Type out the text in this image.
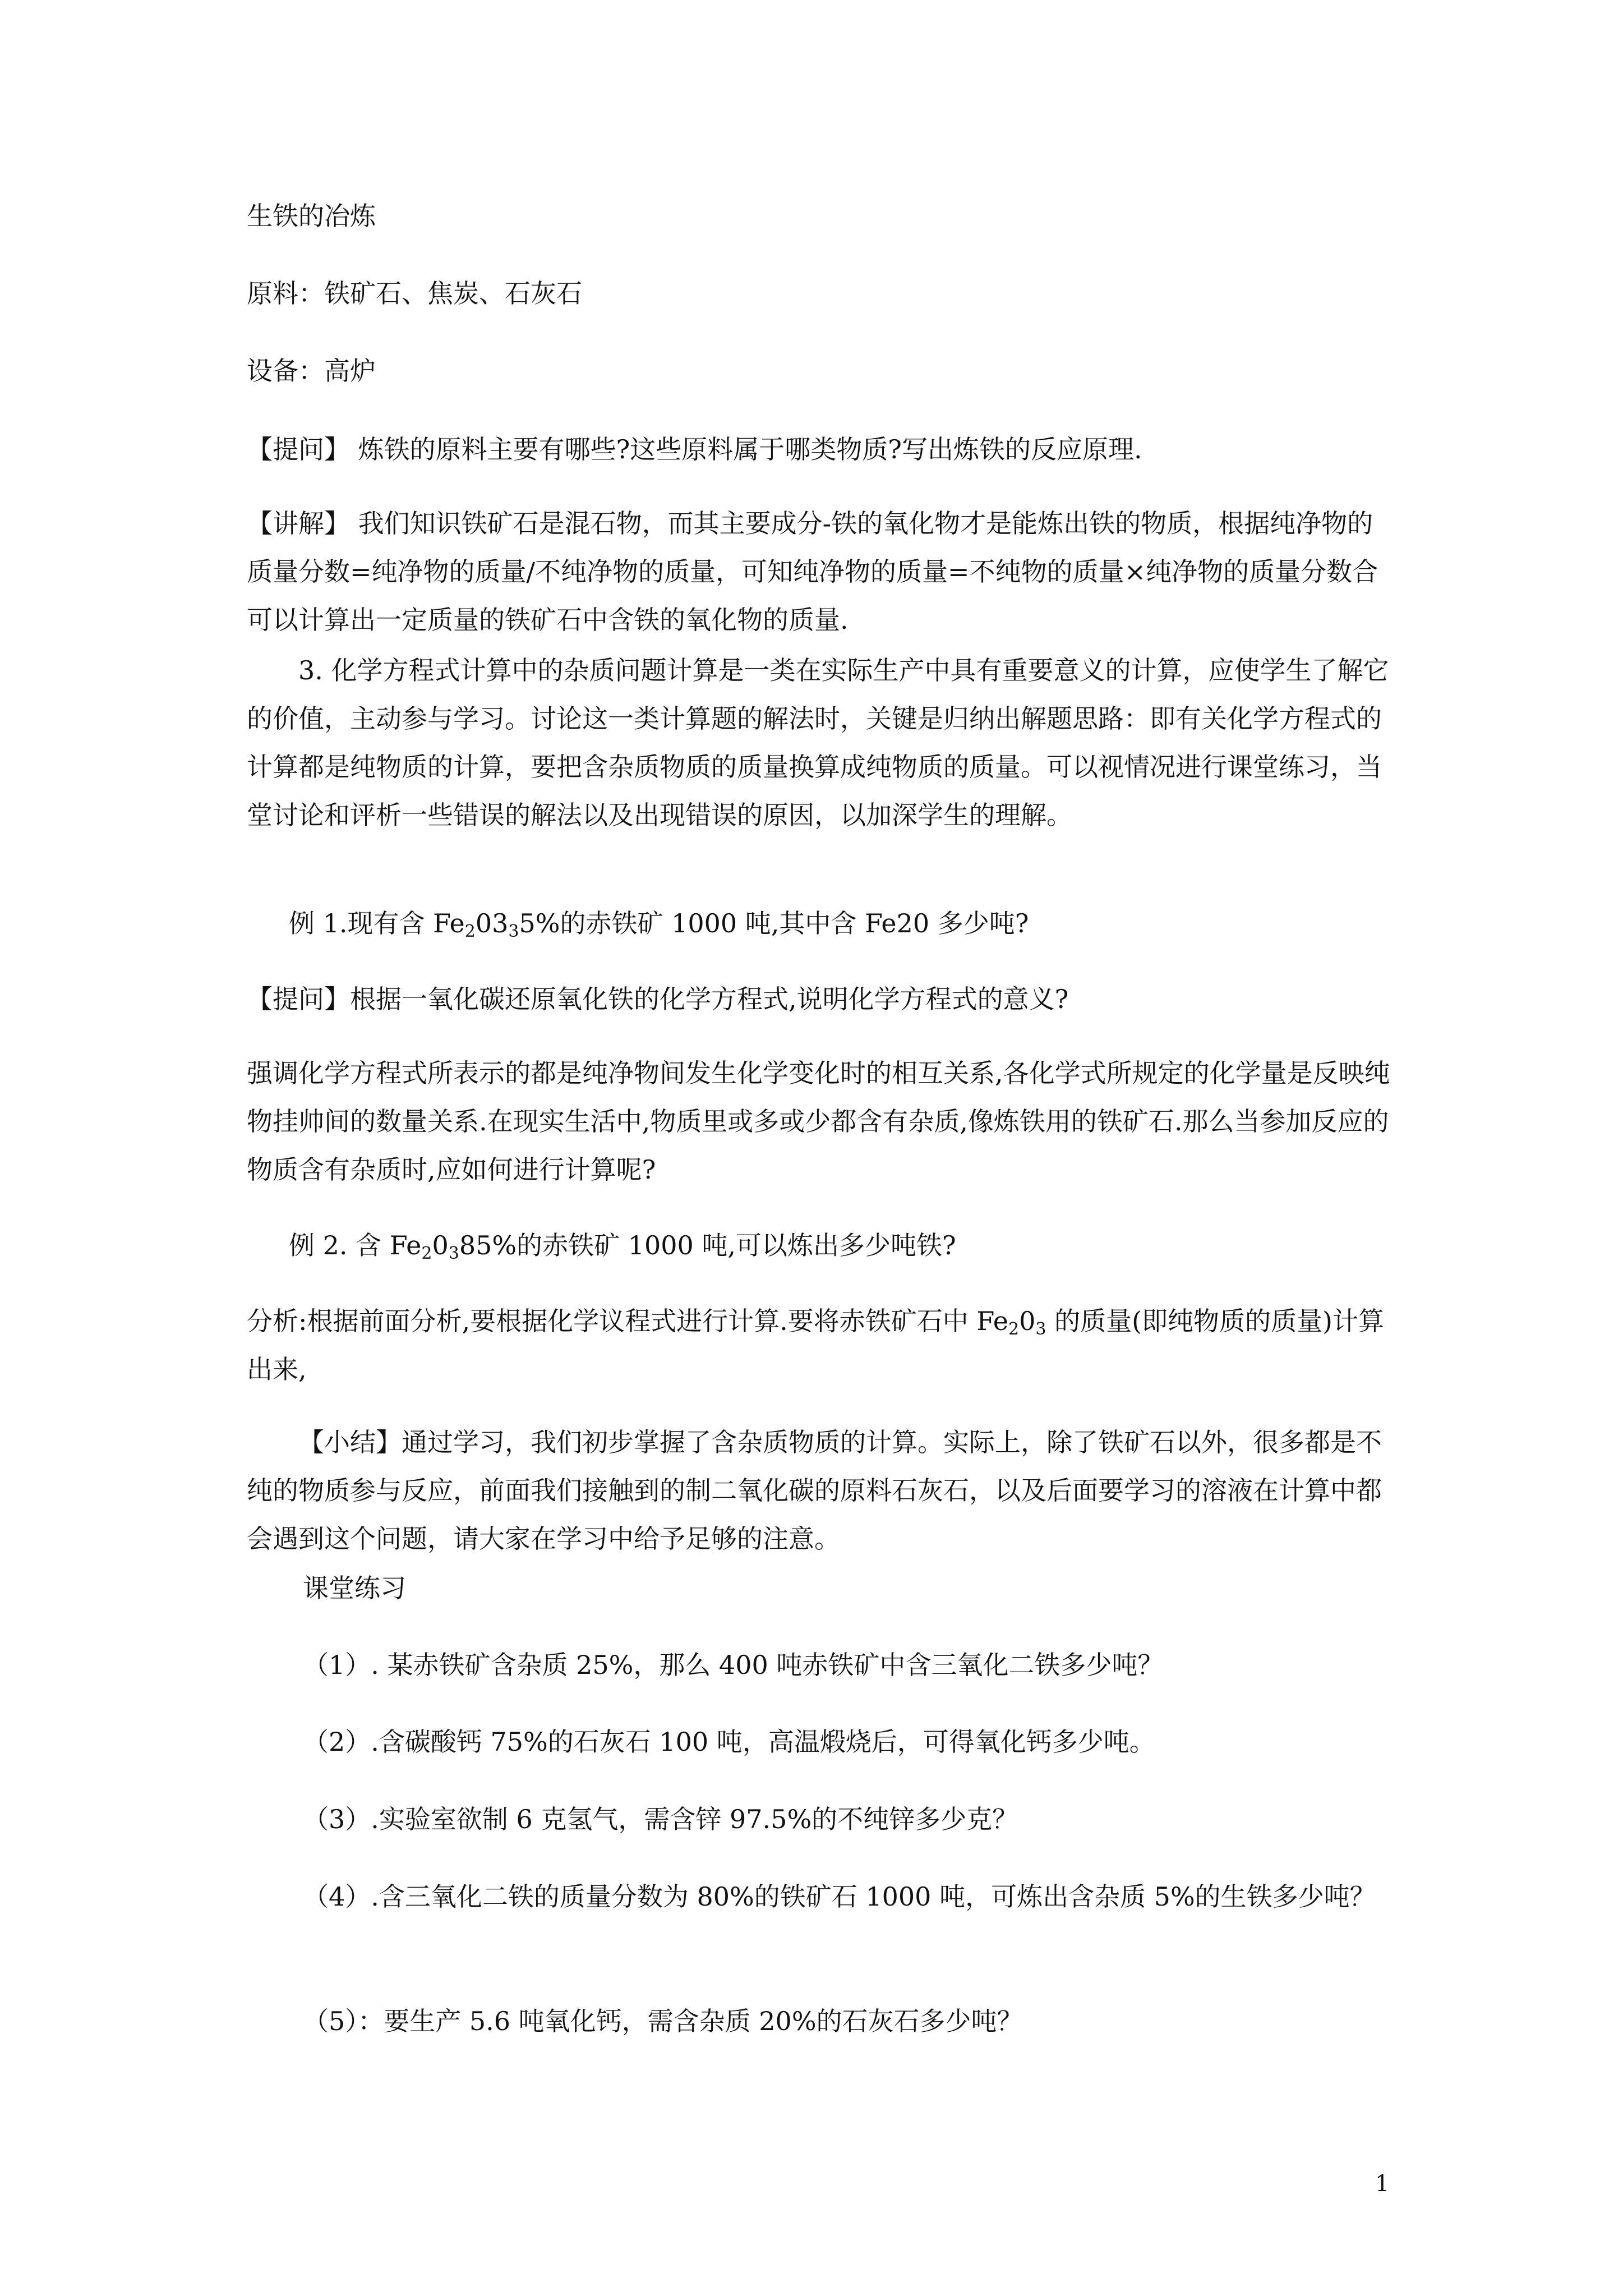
生铁的冶炼

原料：铁矿石、焦炭、石灰石

设备：高炉

【提问】 炼铁的原料主要有哪些?这些原料属于哪类物质?写出炼铁的反应原理.

【讲解】 我们知识铁矿石是混石物，而其主要成分-铁的氧化物才是能炼出铁的物质，根据纯净物的质量分数=纯净物的质量/不纯净物的质量，可知纯净物的质量=不纯物的质量×纯净物的质量分数合可以计算出一定质量的铁矿石中含铁的氧化物的质量.

3. 化学方程式计算中的杂质问题计算是一类在实际生产中具有重要意义的计算，应使学生了解它的价值，主动参与学习。讨论这一类计算题的解法时，关键是归纳出解题思路：即有关化学方程式的计算都是纯物质的计算，要把含杂质物质的质量换算成纯物质的质量。可以视情况进行课堂练习，当堂讨论和评析一些错误的解法以及出现错误的原因，以加深学生的理解。

例 1.现有含 $Fe_203_35\%$的赤铁矿 1000 吨,其中含 Fe20 多少吨?

【提问】根据一氧化碳还原氧化铁的化学方程式,说明化学方程式的意义?

强调化学方程式所表示的都是纯净物间发生化学变化时的相互关系,各化学式所规定的化学量是反映纯物挂帅间的数量关系.在现实生活中,物质里或多或少都含有杂质,像炼铁用的铁矿石.那么当参加反应的物质含有杂质时,应如何进行计算呢?

例 2. 含 $Fe_20_385\%$的赤铁矿 1000 吨,可以炼出多少吨铁?

分析:根据前面分析,要根据化学议程式进行计算.要将赤铁矿石中 $Fe_20_3$ 的质量(即纯物质的质量)计算出来,

【小结】通过学习，我们初步掌握了含杂质物质的计算。实际上，除了铁矿石以外，很多都是不纯的物质参与反应，前面我们接触到的制二氧化碳的原料石灰石，以及后面要学习的溶液在计算中都会遇到这个问题，请大家在学习中给予足够的注意。

课堂练习

（1）. 某赤铁矿含杂质 25%，那么 400 吨赤铁矿中含三氧化二铁多少吨？

（2）.含碳酸钙 75%的石灰石 100 吨，高温煅烧后，可得氧化钙多少吨。

（3）.实验室欲制 6 克氢气，需含锌 97.5%的不纯锌多少克？

（4）.含三氧化二铁的质量分数为 80%的铁矿石 1000 吨，可炼出含杂质 5%的生铁多少吨？

（5）：要生产 5.6 吨氧化钙，需含杂质 20%的石灰石多少吨？

1
